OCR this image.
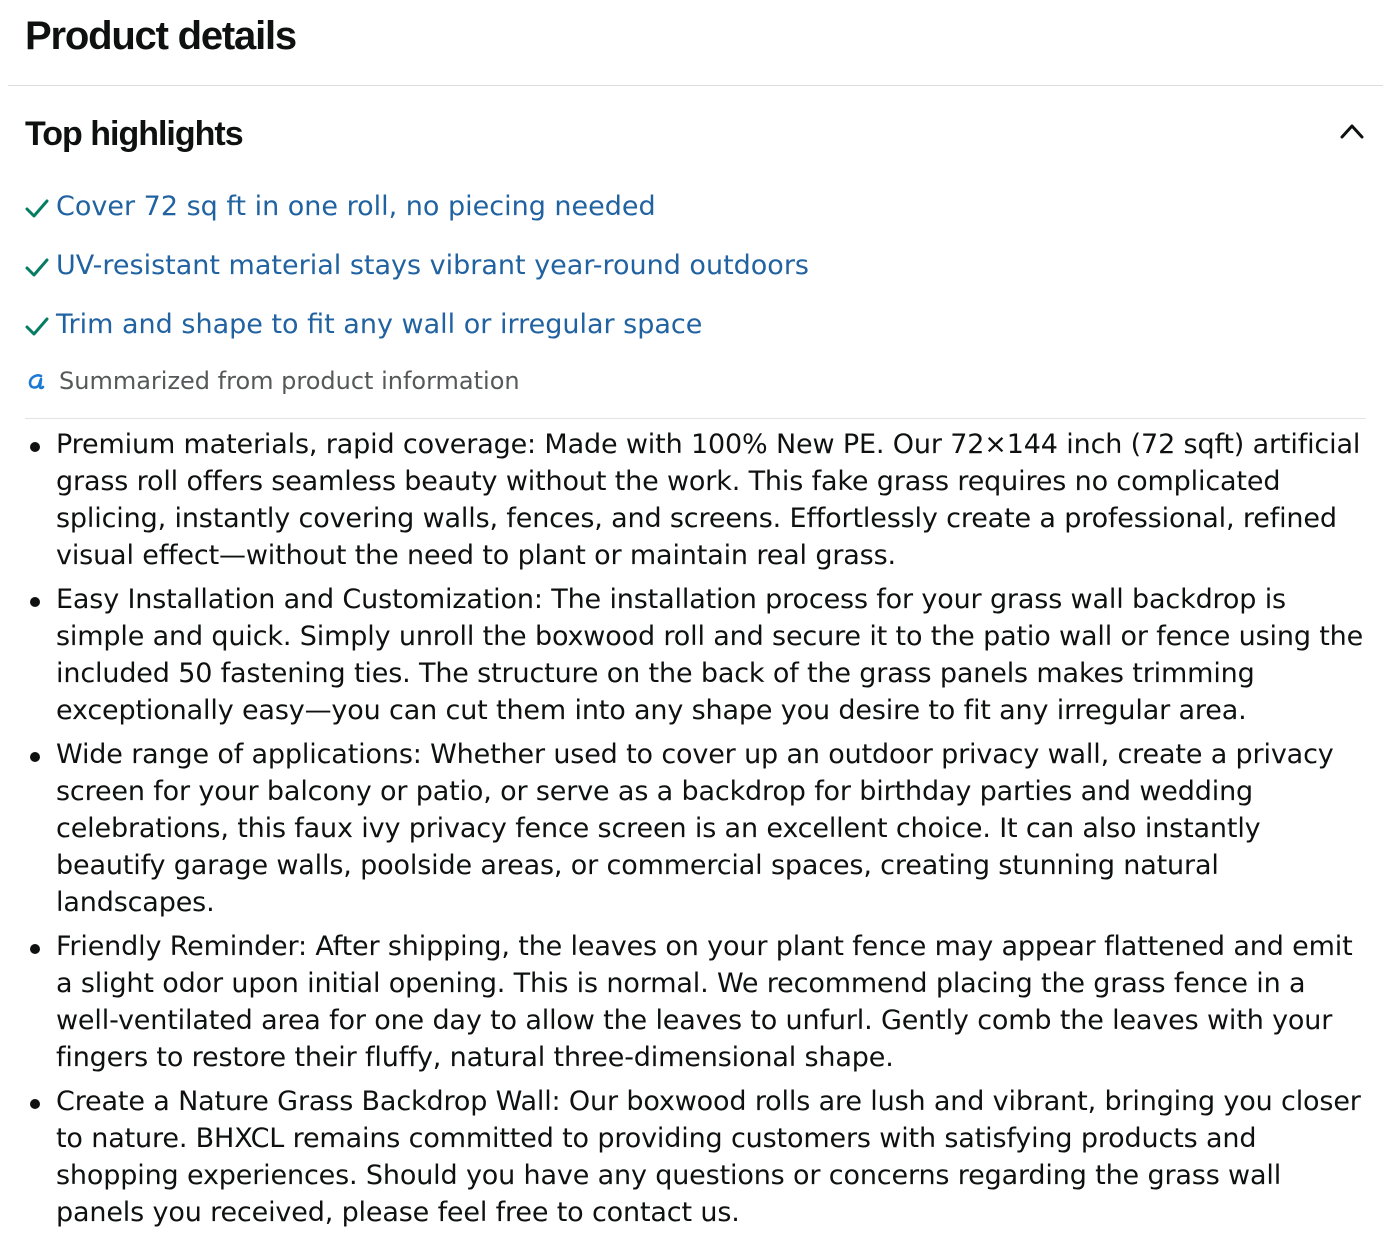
Product details
Top highlights
Cover 72 sq ft in one roll, no piecing needed
UV-resistant material stays vibrant year-round outdoors
Trim and shape to fit any wall or irregular space
Summarized from product information
Premium materials, rapid coverage: Made with 100% New PE. Our 72×144 inch (72 sqft) artificial grass roll offers seamless beauty without the work. This fake grass requires no complicated splicing, instantly covering walls, fences, and screens. Effortlessly create a professional, refined visual effect—without the need to plant or maintain real grass.
Easy Installation and Customization: The installation process for your grass wall backdrop is simple and quick. Simply unroll the boxwood roll and secure it to the patio wall or fence using the included 50 fastening ties. The structure on the back of the grass panels makes trimming exceptionally easy—you can cut them into any shape you desire to fit any irregular area.
Wide range of applications: Whether used to cover up an outdoor privacy wall, create a privacy screen for your balcony or patio, or serve as a backdrop for birthday parties and wedding celebrations, this faux ivy privacy fence screen is an excellent choice. It can also instantly beautify garage walls, poolside areas, or commercial spaces, creating stunning natural landscapes.
Friendly Reminder: After shipping, the leaves on your plant fence may appear flattened and emit a slight odor upon initial opening. This is normal. We recommend placing the grass fence in a well-ventilated area for one day to allow the leaves to unfurl. Gently comb the leaves with your fingers to restore their fluffy, natural three-dimensional shape.
Create a Nature Grass Backdrop Wall: Our boxwood rolls are lush and vibrant, bringing you closer to nature. BHXCL remains committed to providing customers with satisfying products and shopping experiences. Should you have any questions or concerns regarding the grass wall panels you received, please feel free to contact us.
